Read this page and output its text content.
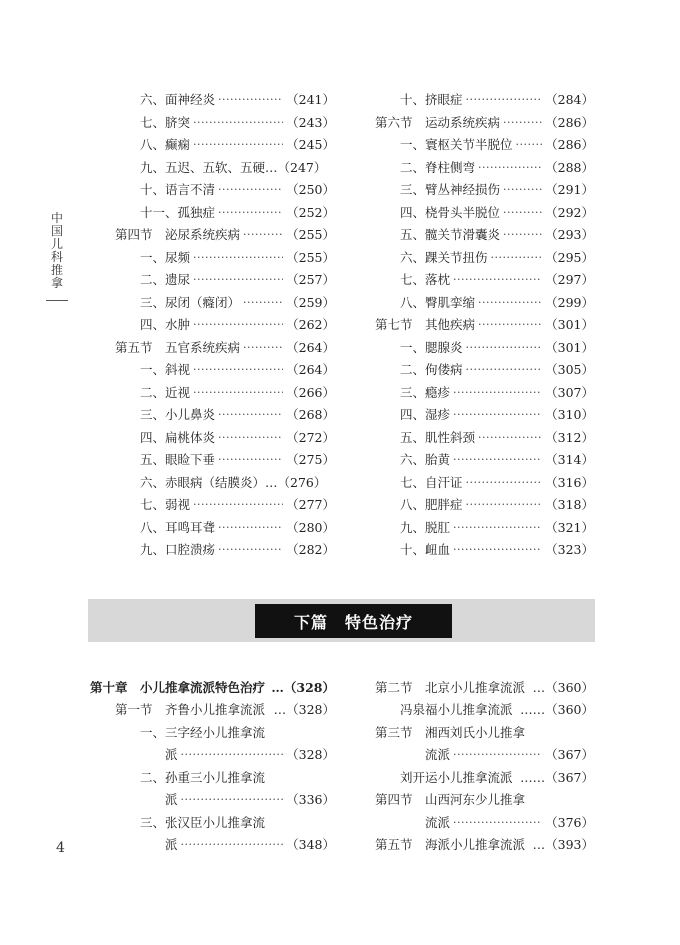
中国儿科推拿
下篇　特色治疗
六、面神经炎 ·····	（241）
七、脐突 ·····	（243）
八、癫痫 ·····	（245）
九、五迟、五软、五硬…（247）
十、语言不清 ·····	（250）
十一、孤独症 ·····	（252）
第四节　泌尿系统疾病 ·····	（255）
一、尿频 ·····	（255）
二、遗尿 ·····	（257）
三、尿闭（癃闭） ·····	（259）
四、水肿 ·····	（262）
第五节　五官系统疾病 ·····	（264）
一、斜视 ·····	（264）
二、近视 ·····	（266）
三、小儿鼻炎 ·····	（268）
四、扁桃体炎 ·····	（272）
五、眼睑下垂 ·····	（275）
六、赤眼病（结膜炎）…（276）
七、弱视 ·····	（277）
八、耳鸣耳聋 ·····	（280）
九、口腔溃疡 ·····	（282）
十、挤眼症 ·····	（284）
第六节　运动系统疾病 ·····	（286）
一、寰枢关节半脱位 ·····	（286）
二、脊柱侧弯 ·····	（288）
三、臂丛神经损伤 ·····	（291）
四、桡骨头半脱位 ·····	（292）
五、髋关节滑囊炎 ·····	（293）
六、踝关节扭伤 ·····	（295）
七、落枕 ·····	（297）
八、臀肌挛缩 ·····	（299）
第七节　其他疾病 ·····	（301）
一、腮腺炎 ·····	（301）
二、佝偻病 ·····	（305）
三、瘾疹 ·····	（307）
四、湿疹 ·····	（310）
五、肌性斜颈 ·····	（312）
六、胎黄 ·····	（314）
七、自汗证 ·····	（316）
八、肥胖症 ·····	（318）
九、脱肛 ·····	（321）
十、衄血 ·····	（323）
第十章　小儿推拿流派特色治疗 …（328）
第一节　齐鲁小儿推拿流派 …（328）
一、三字经小儿推拿流
　　派 ·····	（328）
二、孙重三小儿推拿流
　　派 ·····	（336）
三、张汉臣小儿推拿流
　　派 ·····	（348）
第二节　北京小儿推拿流派 …（360）
冯泉福小儿推拿流派 ……（360）
第三节　湘西刘氏小儿推拿
　　　　流派 ·····	（367）
刘开运小儿推拿流派 ……（367）
第四节　山西河东少儿推拿
　　　　流派 ·····	（376）
第五节　海派小儿推拿流派 …（393）
4
